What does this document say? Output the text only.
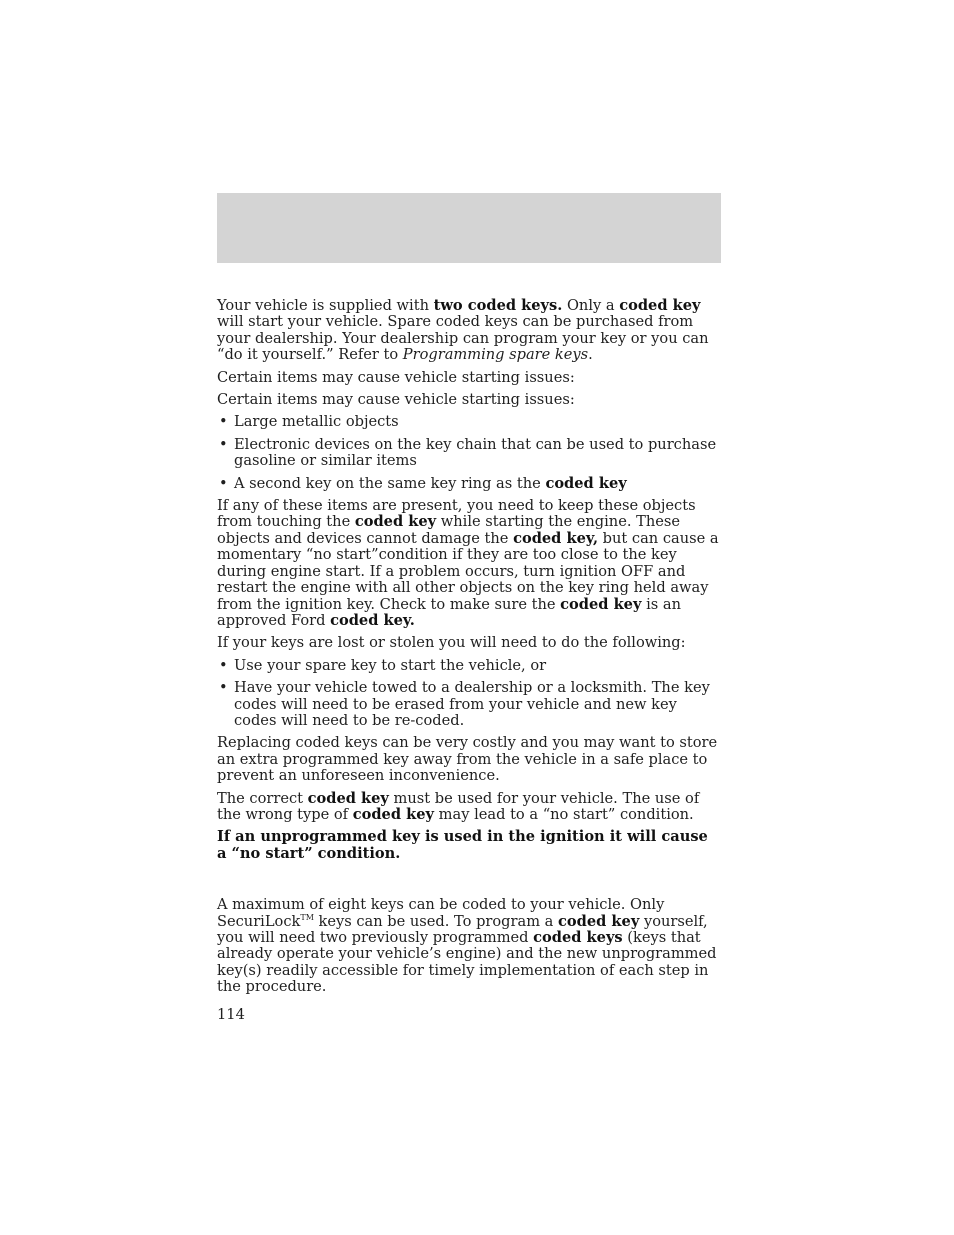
Your vehicle is supplied with two coded keys. Only a coded key will start your vehicle. Spare coded keys can be purchased from your dealership. Your dealership can program your key or you can “do it yourself.” Refer to Programming spare keys.

Certain items may cause vehicle starting issues:

Certain items may cause vehicle starting issues:

• Large metallic objects
• Electronic devices on the key chain that can be used to purchase gasoline or similar items
• A second key on the same key ring as the coded key

If any of these items are present, you need to keep these objects from touching the coded key while starting the engine. These objects and devices cannot damage the coded key, but can cause a momentary “no start”condition if they are too close to the key during engine start. If a problem occurs, turn ignition OFF and restart the engine with all other objects on the key ring held away from the ignition key. Check to make sure the coded key is an approved Ford coded key.

If your keys are lost or stolen you will need to do the following:

• Use your spare key to start the vehicle, or
• Have your vehicle towed to a dealership or a locksmith. The key codes will need to be erased from your vehicle and new key codes will need to be re-coded.

Replacing coded keys can be very costly and you may want to store an extra programmed key away from the vehicle in a safe place to prevent an unforeseen inconvenience.

The correct coded key must be used for your vehicle. The use of the wrong type of coded key may lead to a “no start” condition.

If an unprogrammed key is used in the ignition it will cause a “no start” condition.

A maximum of eight keys can be coded to your vehicle. Only SecuriLock™ keys can be used. To program a coded key yourself, you will need two previously programmed coded keys (keys that already operate your vehicle’s engine) and the new unprogrammed key(s) readily accessible for timely implementation of each step in the procedure.

114
